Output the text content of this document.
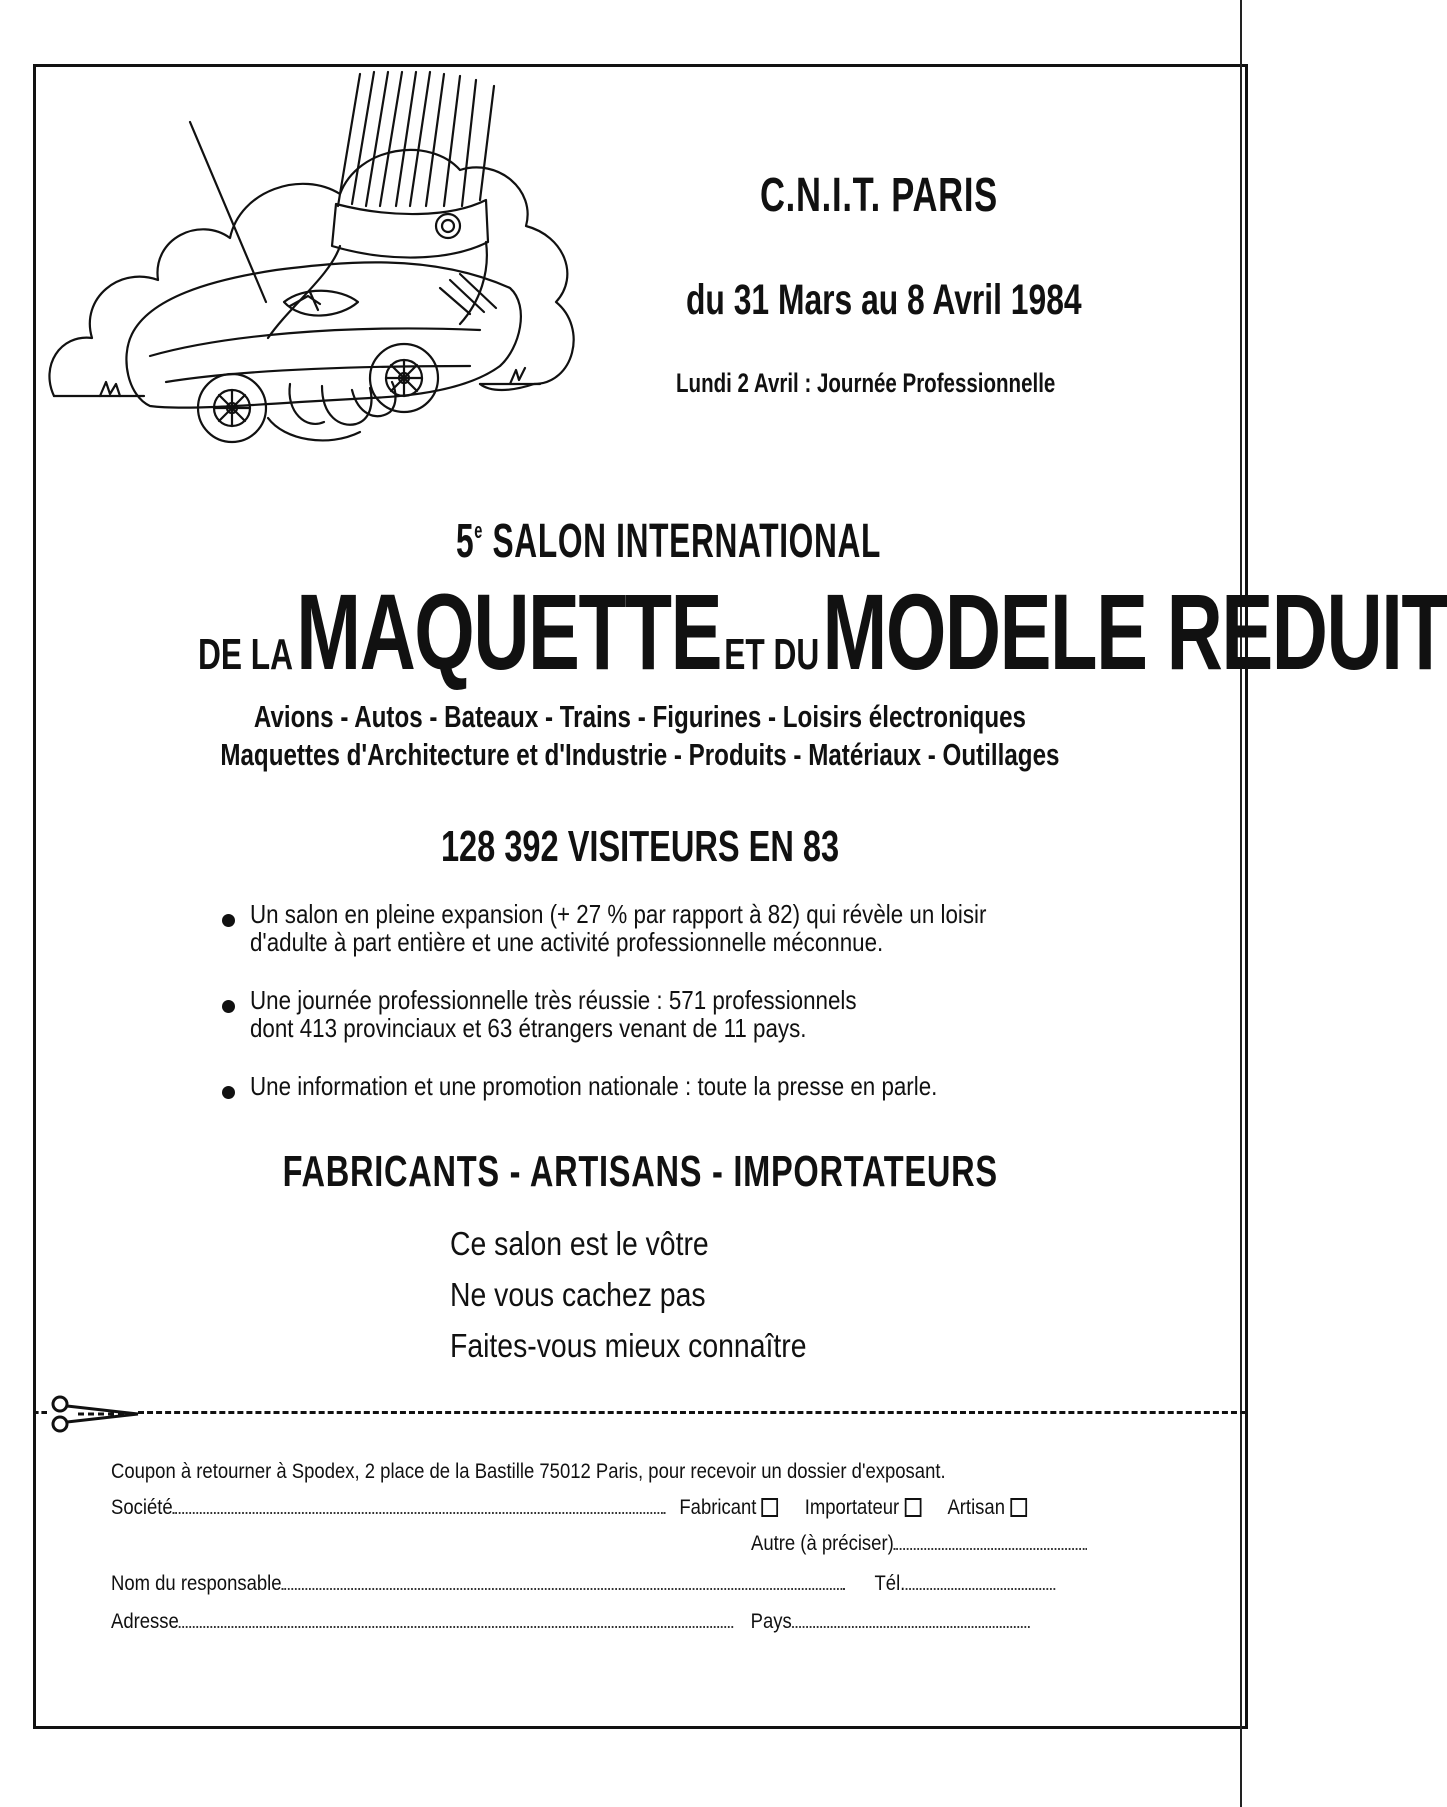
C.N.I.T. PARIS
du 31 Mars au 8 Avril 1984
Lundi 2 Avril : Journée Professionnelle
5e SALON INTERNATIONAL
DE LA MAQUETTE ET DU MODELE REDUIT
Avions - Autos - Bateaux - Trains - Figurines - Loisirs électroniques
Maquettes d'Architecture et d'Industrie - Produits - Matériaux - Outillages
128 392 VISITEURS EN 83
Un salon en pleine expansion (+ 27 % par rapport à 82) qui révèle un loisir
d'adulte à part entière et une activité professionnelle méconnue.
Une journée professionnelle très réussie : 571 professionnels
dont 413 provinciaux et 63 étrangers venant de 11 pays.
Une information et une promotion nationale : toute la presse en parle.
FABRICANTS - ARTISANS - IMPORTATEURS
Ce salon est le vôtre
Ne vous cachez pas
Faites-vous mieux connaître
Coupon à retourner à Spodex, 2 place de la Bastille 75012 Paris, pour recevoir un dossier d'exposant.
Société	Fabricant Importateur Artisan
Autre (à préciser)
Nom du responsable	Tél.
Adresse	Pays
